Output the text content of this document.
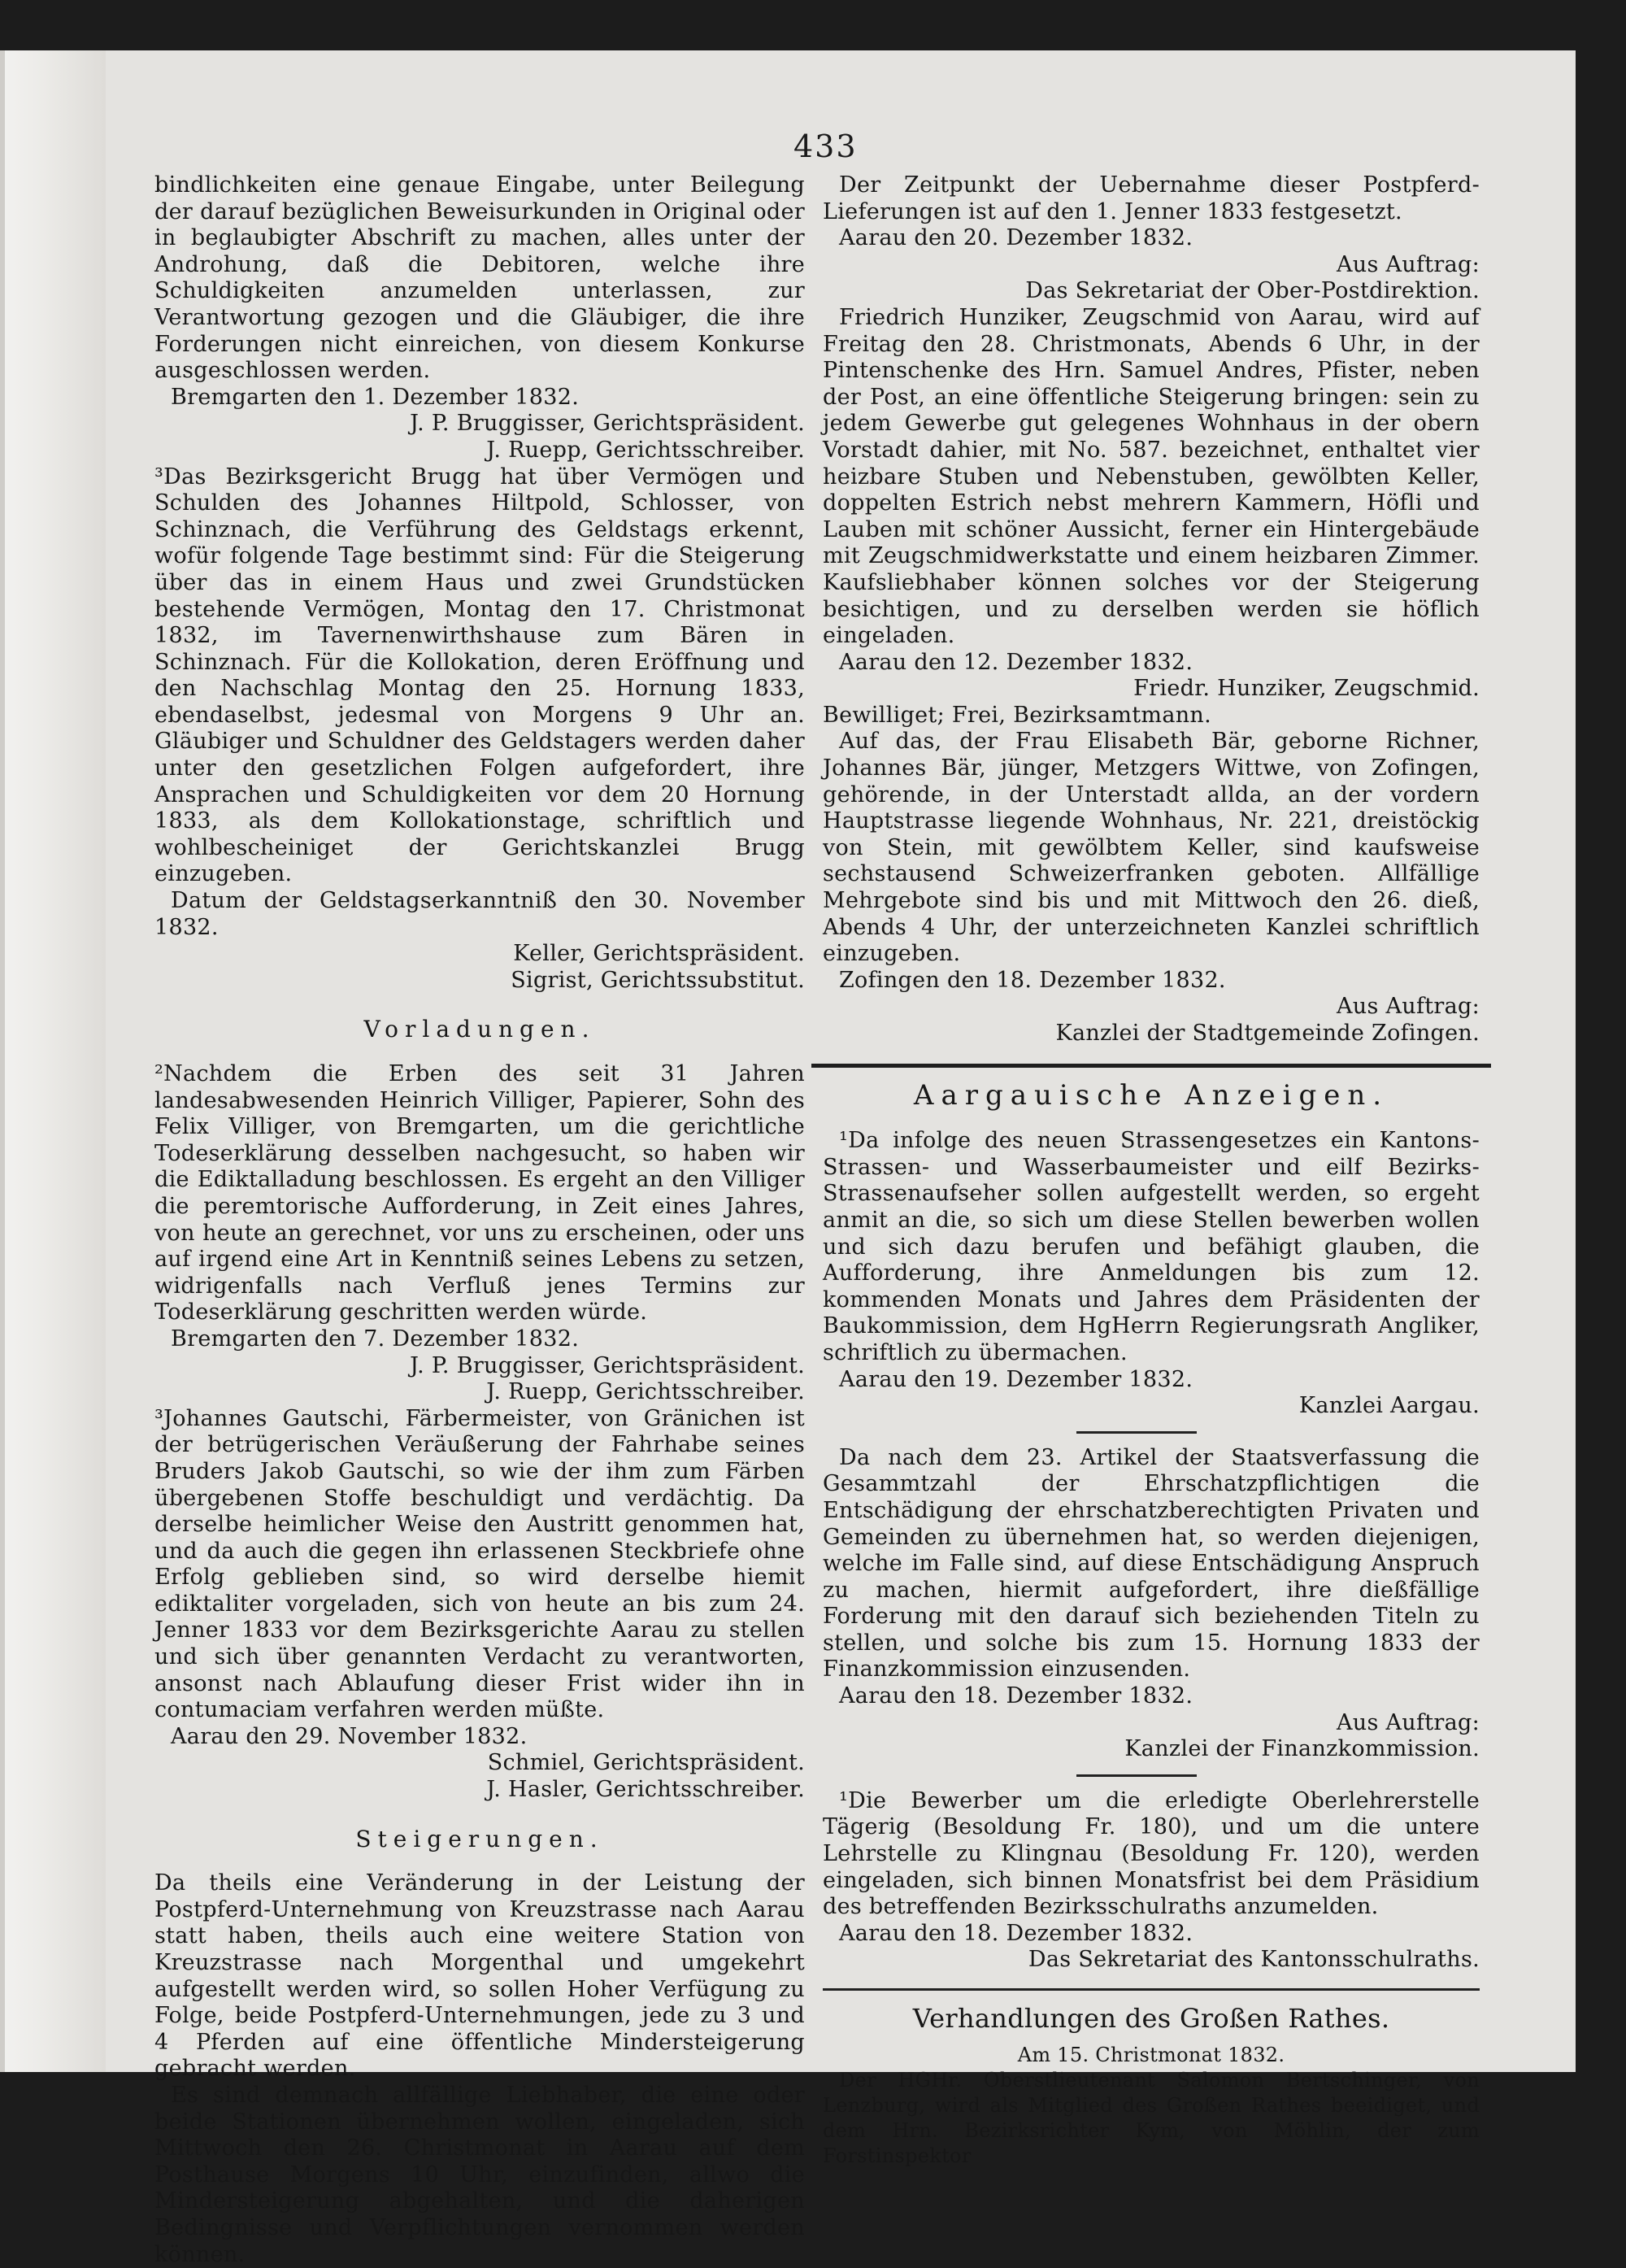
433

bindlichkeiten eine genaue Eingabe, unter Beilegung der darauf bezüglichen Beweisurkunden in Original oder in beglaubigter Abschrift zu machen, alles unter der Androhung, daß die Debitoren, welche ihre Schuldigkeiten anzumelden unterlassen, zur Verantwortung gezogen und die Gläubiger, die ihre Forderungen nicht einreichen, von diesem Konkurse ausgeschlossen werden.

Bremgarten den 1. Dezember 1832.

J. P. Bruggisser, Gerichtspräsident.

J. Ruepp, Gerichtsschreiber.

³Das Bezirksgericht Brugg hat über Vermögen und Schulden des Johannes Hiltpold, Schlosser, von Schinznach, die Verführung des Geldstags erkennt, wofür folgende Tage bestimmt sind: Für die Steigerung über das in einem Haus und zwei Grundstücken bestehende Vermögen, Montag den 17. Christmonat 1832, im Tavernenwirthshause zum Bären in Schinznach. Für die Kollokation, deren Eröffnung und den Nachschlag Montag den 25. Hornung 1833, ebendaselbst, jedesmal von Morgens 9 Uhr an. Gläubiger und Schuldner des Geldstagers werden daher unter den gesetzlichen Folgen aufgefordert, ihre Ansprachen und Schuldigkeiten vor dem 20 Hornung 1833, als dem Kollokationstage, schriftlich und wohlbescheiniget der Gerichtskanzlei Brugg einzugeben.

Datum der Geldstagserkanntniß den 30. November 1832.

Keller, Gerichtspräsident.

Sigrist, Gerichtssubstitut.

Vorladungen.

²Nachdem die Erben des seit 31 Jahren landesabwesenden Heinrich Villiger, Papierer, Sohn des Felix Villiger, von Bremgarten, um die gerichtliche Todeserklärung desselben nachgesucht, so haben wir die Ediktalladung beschlossen. Es ergeht an den Villiger die peremtorische Aufforderung, in Zeit eines Jahres, von heute an gerechnet, vor uns zu erscheinen, oder uns auf irgend eine Art in Kenntniß seines Lebens zu setzen, widrigenfalls nach Verfluß jenes Termins zur Todeserklärung geschritten werden würde.

Bremgarten den 7. Dezember 1832.

J. P. Bruggisser, Gerichtspräsident.

J. Ruepp, Gerichtsschreiber.

³Johannes Gautschi, Färbermeister, von Gränichen ist der betrügerischen Veräußerung der Fahrhabe seines Bruders Jakob Gautschi, so wie der ihm zum Färben übergebenen Stoffe beschuldigt und verdächtig. Da derselbe heimlicher Weise den Austritt genommen hat, und da auch die gegen ihn erlassenen Steckbriefe ohne Erfolg geblieben sind, so wird derselbe hiemit ediktaliter vorgeladen, sich von heute an bis zum 24. Jenner 1833 vor dem Bezirksgerichte Aarau zu stellen und sich über genannten Verdacht zu verantworten, ansonst nach Ablaufung dieser Frist wider ihn in contumaciam verfahren werden müßte.

Aarau den 29. November 1832.

Schmiel, Gerichtspräsident.

J. Hasler, Gerichtsschreiber.

Steigerungen.

Da theils eine Veränderung in der Leistung der Postpferd-Unternehmung von Kreuzstrasse nach Aarau statt haben, theils auch eine weitere Station von Kreuzstrasse nach Morgenthal und umgekehrt aufgestellt werden wird, so sollen Hoher Verfügung zu Folge, beide Postpferd-Unternehmungen, jede zu 3 und 4 Pferden auf eine öffentliche Mindersteigerung gebracht werden.

Es sind demnach allfällige Liebhaber, die eine oder beide Stationen übernehmen wollen, eingeladen, sich Mittwoch den 26. Christmonat in Aarau auf dem Posthause Morgens 10 Uhr, einzufinden, allwo die Mindersteigerung abgehalten, und die daherigen Bedingnisse und Verpflichtungen vernommen werden können.

Der Zeitpunkt der Uebernahme dieser Postpferd-Lieferungen ist auf den 1. Jenner 1833 festgesetzt.

Aarau den 20. Dezember 1832.

Aus Auftrag:

Das Sekretariat der Ober-Postdirektion.

Friedrich Hunziker, Zeugschmid von Aarau, wird auf Freitag den 28. Christmonats, Abends 6 Uhr, in der Pintenschenke des Hrn. Samuel Andres, Pfister, neben der Post, an eine öffentliche Steigerung bringen: sein zu jedem Gewerbe gut gelegenes Wohnhaus in der obern Vorstadt dahier, mit No. 587. bezeichnet, enthaltet vier heizbare Stuben und Nebenstuben, gewölbten Keller, doppelten Estrich nebst mehrern Kammern, Höfli und Lauben mit schöner Aussicht, ferner ein Hintergebäude mit Zeugschmidwerkstatte und einem heizbaren Zimmer. Kaufsliebhaber können solches vor der Steigerung besichtigen, und zu derselben werden sie höflich eingeladen.

Aarau den 12. Dezember 1832.

Friedr. Hunziker, Zeugschmid.

Bewilliget; Frei, Bezirksamtmann.

Auf das, der Frau Elisabeth Bär, geborne Richner, Johannes Bär, jünger, Metzgers Wittwe, von Zofingen, gehörende, in der Unterstadt allda, an der vordern Hauptstrasse liegende Wohnhaus, Nr. 221, dreistöckig von Stein, mit gewölbtem Keller, sind kaufsweise sechstausend Schweizerfranken geboten. Allfällige Mehrgebote sind bis und mit Mittwoch den 26. dieß, Abends 4 Uhr, der unterzeichneten Kanzlei schriftlich einzugeben.

Zofingen den 18. Dezember 1832.

Aus Auftrag:

Kanzlei der Stadtgemeinde Zofingen.

Aargauische Anzeigen.

¹Da infolge des neuen Strassengesetzes ein Kantons-Strassen- und Wasserbaumeister und eilf Bezirks-Strassenaufseher sollen aufgestellt werden, so ergeht anmit an die, so sich um diese Stellen bewerben wollen und sich dazu berufen und befähigt glauben, die Aufforderung, ihre Anmeldungen bis zum 12. kommenden Monats und Jahres dem Präsidenten der Baukommission, dem HgHerrn Regierungsrath Angliker, schriftlich zu übermachen.

Aarau den 19. Dezember 1832.

Kanzlei Aargau.

Da nach dem 23. Artikel der Staatsverfassung die Gesammtzahl der Ehrschatzpflichtigen die Entschädigung der ehrschatzberechtigten Privaten und Gemeinden zu übernehmen hat, so werden diejenigen, welche im Falle sind, auf diese Entschädigung Anspruch zu machen, hiermit aufgefordert, ihre dießfällige Forderung mit den darauf sich beziehenden Titeln zu stellen, und solche bis zum 15. Hornung 1833 der Finanzkommission einzusenden.

Aarau den 18. Dezember 1832.

Aus Auftrag:

Kanzlei der Finanzkommission.

¹Die Bewerber um die erledigte Oberlehrerstelle Tägerig (Besoldung Fr. 180), und um die untere Lehrstelle zu Klingnau (Besoldung Fr. 120), werden eingeladen, sich binnen Monatsfrist bei dem Präsidium des betreffenden Bezirksschulraths anzumelden.

Aarau den 18. Dezember 1832.

Das Sekretariat des Kantonsschulraths.

Verhandlungen des Großen Rathes.

Am 15. Christmonat 1832.

Der HGHr. Oberstlieutenant Salomon Bertschinger, von Lenzburg, wird als Mitglied des Großen Rathes beeidiget, und dem Hrn. Bezirksrichter Kym, von Möhlin, der zum Forstinspektor
